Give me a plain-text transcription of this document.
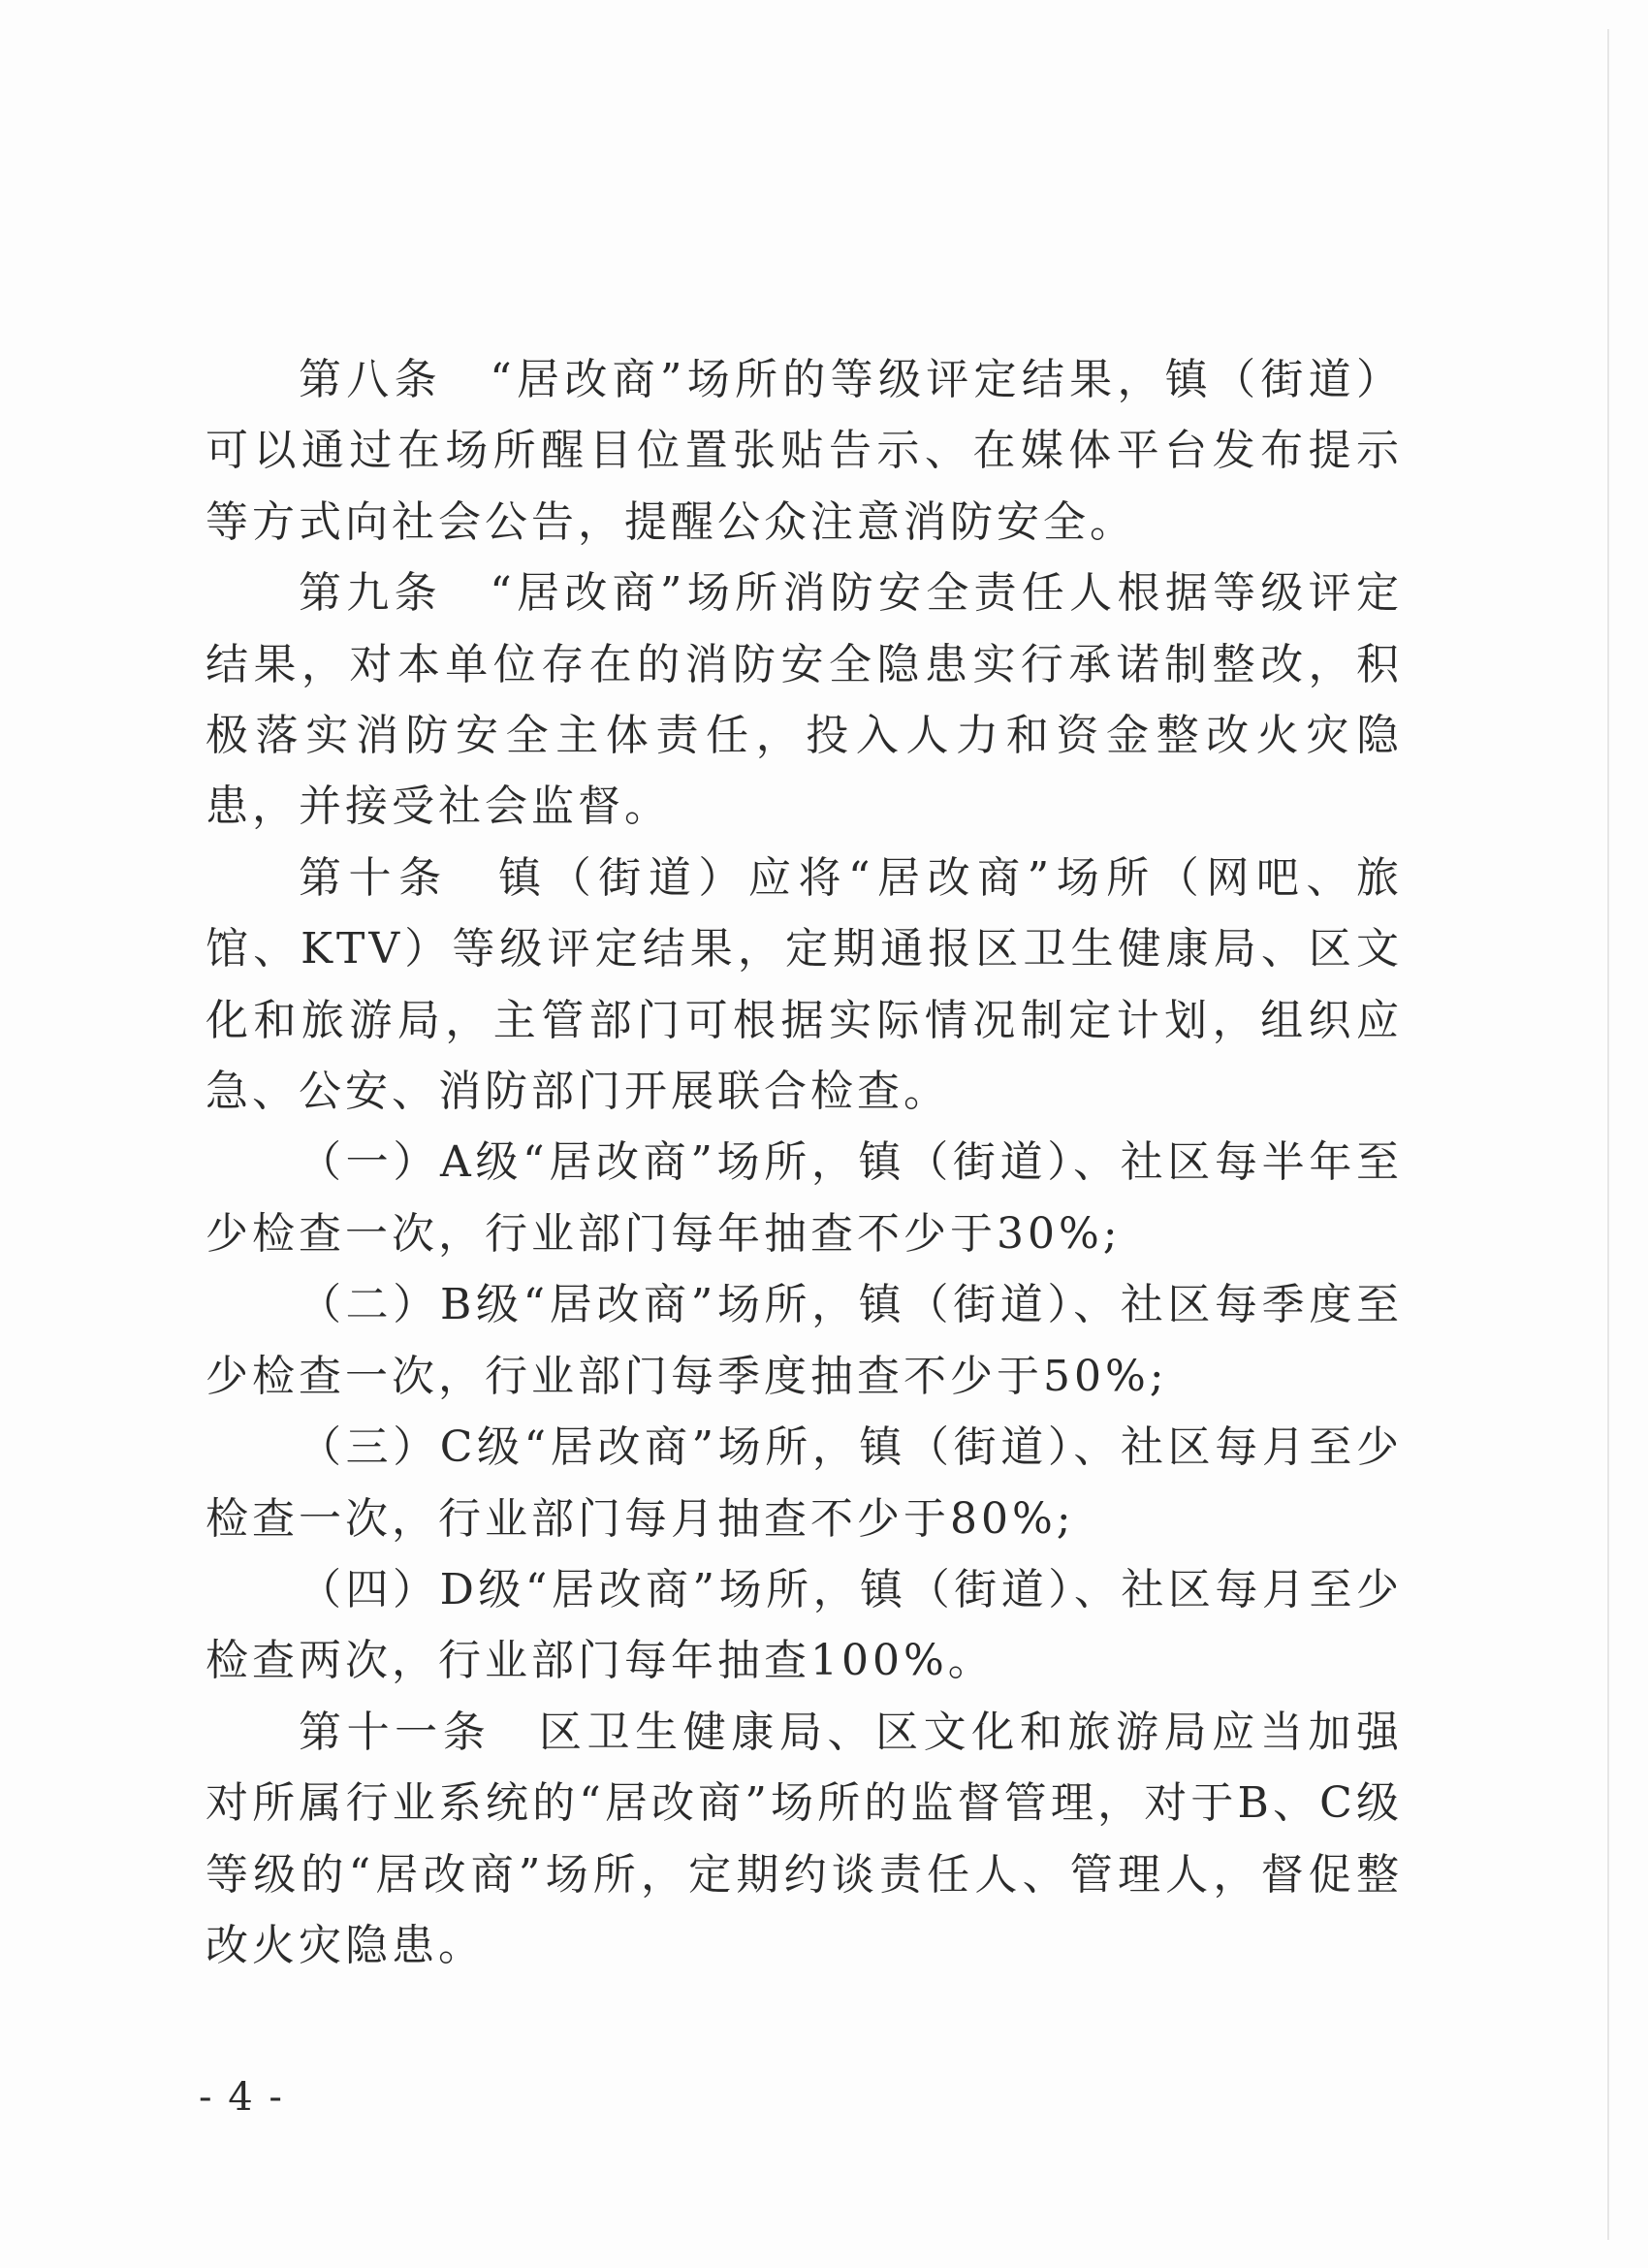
第八条　“居改商”场所的等级评定结果，镇（街道）可以通过在场所醒目位置张贴告示、在媒体平台发布提示等方式向社会公告，提醒公众注意消防安全。

第九条　“居改商”场所消防安全责任人根据等级评定结果，对本单位存在的消防安全隐患实行承诺制整改，积极落实消防安全主体责任，投入人力和资金整改火灾隐患，并接受社会监督。

第十条　镇（街道）应将“居改商”场所（网吧、旅馆、KTV）等级评定结果，定期通报区卫生健康局、区文化和旅游局，主管部门可根据实际情况制定计划，组织应急、公安、消防部门开展联合检查。

（一）A级“居改商”场所，镇（街道）、社区每半年至少检查一次，行业部门每年抽查不少于30%;

（二）B级“居改商”场所，镇（街道）、社区每季度至少检查一次，行业部门每季度抽查不少于50%;

（三）C级“居改商”场所，镇（街道）、社区每月至少检查一次，行业部门每月抽查不少于80%;

（四）D级“居改商”场所，镇（街道）、社区每月至少检查两次，行业部门每年抽查100%。

第十一条　区卫生健康局、区文化和旅游局应当加强对所属行业系统的“居改商”场所的监督管理，对于B、C级等级的“居改商”场所，定期约谈责任人、管理人，督促整改火灾隐患。

- 4 -
